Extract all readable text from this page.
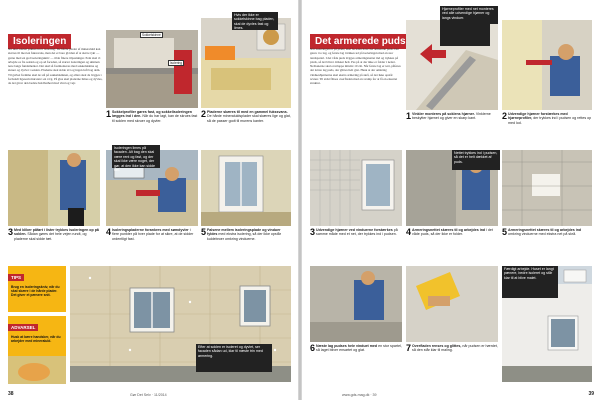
Isoleringen
Nu skal soklen pakkes ind i isolering. De hårde plader af mineraluld kan skæres til med en fukssvans, men det er bare glæden af at skære tykt — gerne med en god isoleringskniv — tilde finere tilpasninger. Pent skal vi arbejde os fra soklen og op ad facaden, så starter isoleringen og skinnen nere langs fundamentet. Det skal så fastmonteres med sokkelskinne og skruer og dyvler i soklen. Pladerne skal sidde tæt og ingen luft bag dem. Til gulvet fremme skal de stå på sokkelskinnen, og ellers skal de lægges i forbandt ligesom mursten i en væg. På glas skal pladerne limes og dyvles, da det giver den bedste holdbarhed mod vind og vejr.
Sokkelskinne
Isolering
Hvis der ikke er sokkelskinne bag pladen, skal de dyvles fast og limes.
1 Sokkelprofiler gøres fast, og sokkelisoleringen lægges ind i den. Når du har lagt, kan de skrues fast til soklen med skruer og dyvler.
2 Pladerne skæres til med en gammel fukssvans. De hårde mineraluldsplader skal skæres lige og glat, så de passer godt til murens kanter.
Isoleringen limes på facaden. Alt bag den skal være rent og fast, og der skal ikke være noget, der gør, at den ikke kan sidde tæt.
3 Med kliber påført i lister trykkes isoleringen op på soklen. Sådan gøres det hele vejen rundt, og pladerne skal sidde tæt.
4 Isoleringspladerne forankres med sømdyvler i flere punkter på hver plade for at sikre, at de sidder ordentligt fast.
5 Falsene mellem isoleringsplade og vinduer fyldes med ekstra isolering, så der ikke opstår kuldebroer omkring vinduerne.
TIPS
Brug en isoleringskniv, når du skal skære i de hårde plader. Det giver et pænere snit.
ADVARSEL
Husk at bære handsker, når du arbejder med mineraluld.
Efter at soklen er isoleret og dyvlet, ser facaden sådan ud, klar til næste trin med armering.
38	Gør Det Selv · 11/2014
Det armerede puds
Når isoleringen er på plads, skal facaden have det armerede puds. Det gøres i to lag, og første lag trækkes ud på isoleringen med en stor tandspartel. I det våde puds lægges armeringsnettet ind og trykkes på plads, så det bliver dækket helt. Pas på at der ikke er folder i nettet. Netbanerne skal overlappe mindst 10 cm. Når første lag er tørt, påføres det næste lag puds, der glittes helt glat. Husk at der omkring vindueshjørnerne skal ekstra armering på skrå, så der ikke opstår revner. Til sidst filtses overfladen med en svamp for at få en ensartet struktur.
Hjørneprofiler med net monteres ved alle udvendige hjørner og langs vinduer.
1 Vinkler monteres på soklens hjørner. Vinklerne beskytter hjørnet og giver en skarp kant.	2 Udvendige hjørner forstærkes med hjørneprofiler, der trykkes ind i pudsen og rettes op med lod.
Nettet trykkes ind i pudsen, så det er helt dækket af puds.
3 Udvendige hjørner ved vinduerne forstærkes på samme måde med et net, der trykkes ind i pudsen.	4 Armeringsnettet skæres til og arbejdes ind i det våde puds, så der ikke er folder.	5 Armeringsnettet skæres til og arbejdes ind omkring vinduerne med ekstra net på skrå.
Færdigt arbejde. Huset er langt pænere, bedre isoleret og står klar til at blive malet.
6 Næste lag pudses hele vinduet med en stor spartel, så laget bliver ensartet og glat.	7 Overfladen renses og glittes, når pudsen er hærdet, så den står klar til maling.
www.gds-mag.dk · 39	39
